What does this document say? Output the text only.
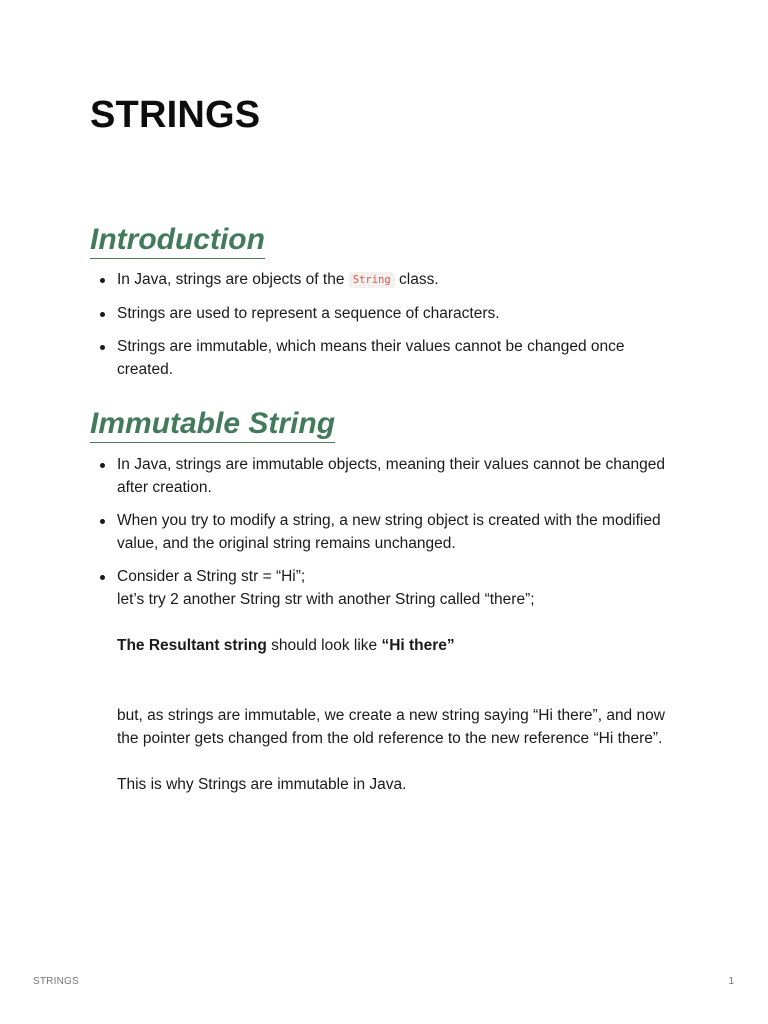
STRINGS
Introduction
In Java, strings are objects of the String class.
Strings are used to represent a sequence of characters.
Strings are immutable, which means their values cannot be changed once created.
Immutable String
In Java, strings are immutable objects, meaning their values cannot be changed after creation.
When you try to modify a string, a new string object is created with the modified value, and the original string remains unchanged.
Consider a String str = “Hi”;
let’s try 2 another String str with another String called “there”;
The Resultant string should look like “Hi there”
but, as strings are immutable, we create a new string saying “Hi there”, and now the pointer gets changed from the old reference to the new reference “Hi there”.
This is why Strings are immutable in Java.
STRINGS	1
